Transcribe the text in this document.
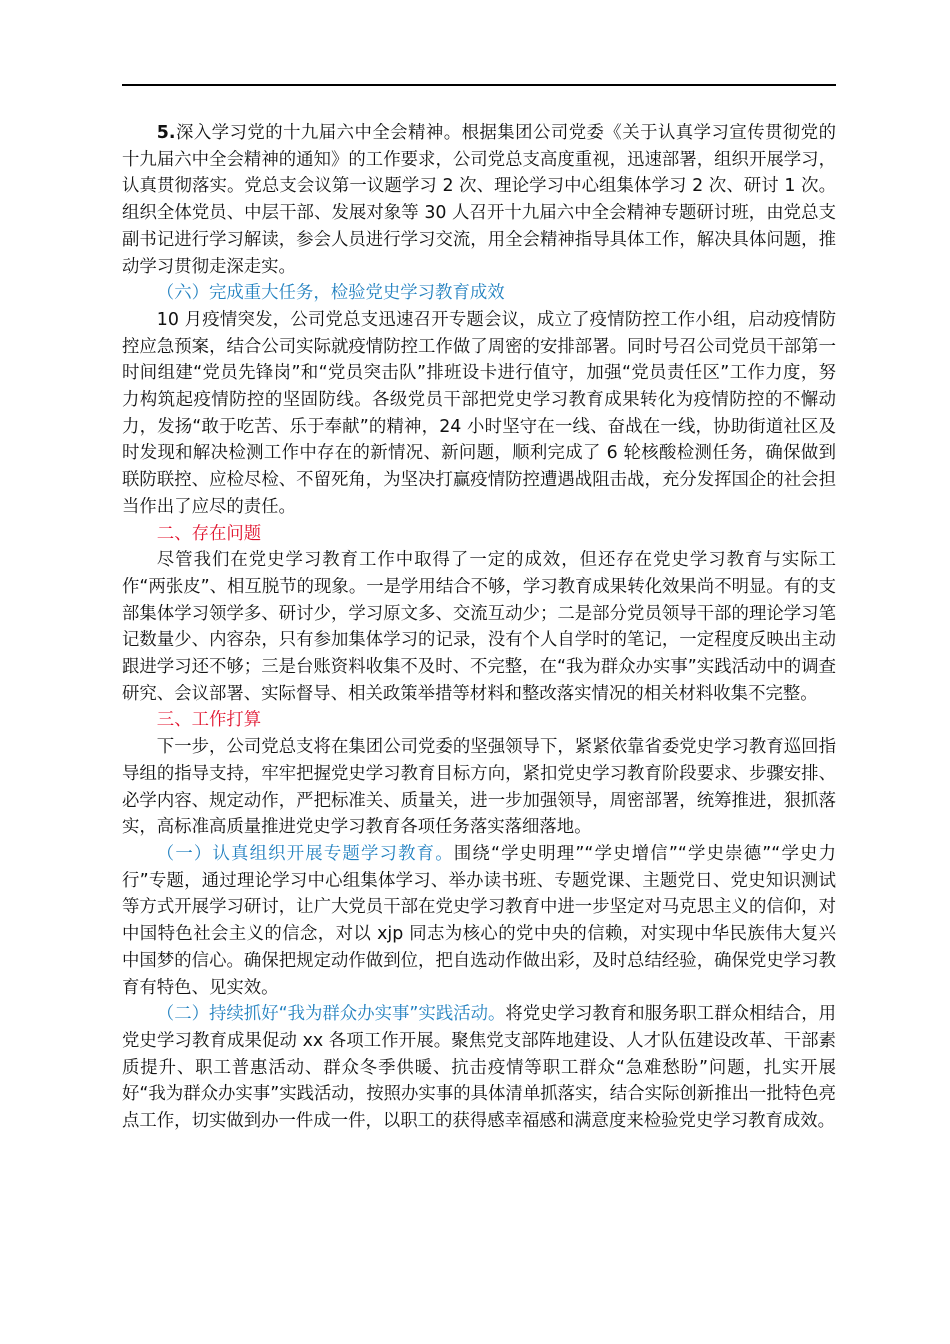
5.深入学习党的十九届六中全会精神。根据集团公司党委《关于认真学习宣传贯彻党的十九届六中全会精神的通知》的工作要求，公司党总支高度重视，迅速部署，组织开展学习，认真贯彻落实。党总支会议第一议题学习 2 次、理论学习中心组集体学习 2 次、研讨 1 次。组织全体党员、中层干部、发展对象等 30 人召开十九届六中全会精神专题研讨班，由党总支副书记进行学习解读，参会人员进行学习交流，用全会精神指导具体工作，解决具体问题，推动学习贯彻走深走实。

（六）完成重大任务，检验党史学习教育成效

10 月疫情突发，公司党总支迅速召开专题会议，成立了疫情防控工作小组，启动疫情防控应急预案，结合公司实际就疫情防控工作做了周密的安排部署。同时号召公司党员干部第一时间组建“党员先锋岗”和“党员突击队”排班设卡进行值守，加强“党员责任区”工作力度，努力构筑起疫情防控的坚固防线。各级党员干部把党史学习教育成果转化为疫情防控的不懈动力，发扬“敢于吃苦、乐于奉献”的精神，24 小时坚守在一线、奋战在一线，协助街道社区及时发现和解决检测工作中存在的新情况、新问题，顺利完成了 6 轮核酸检测任务，确保做到联防联控、应检尽检、不留死角，为坚决打赢疫情防控遭遇战阻击战，充分发挥国企的社会担当作出了应尽的责任。

二、存在问题

尽管我们在党史学习教育工作中取得了一定的成效，但还存在党史学习教育与实际工作“两张皮”、相互脱节的现象。一是学用结合不够，学习教育成果转化效果尚不明显。有的支部集体学习领学多、研讨少，学习原文多、交流互动少；二是部分党员领导干部的理论学习笔记数量少、内容杂，只有参加集体学习的记录，没有个人自学时的笔记，一定程度反映出主动跟进学习还不够；三是台账资料收集不及时、不完整，在“我为群众办实事”实践活动中的调查研究、会议部署、实际督导、相关政策举措等材料和整改落实情况的相关材料收集不完整。

三、工作打算

下一步，公司党总支将在集团公司党委的坚强领导下，紧紧依靠省委党史学习教育巡回指导组的指导支持，牢牢把握党史学习教育目标方向，紧扣党史学习教育阶段要求、步骤安排、必学内容、规定动作，严把标准关、质量关，进一步加强领导，周密部署，统筹推进，狠抓落实，高标准高质量推进党史学习教育各项任务落实落细落地。

（一）认真组织开展专题学习教育。围绕“学史明理”“学史增信”“学史崇德”“学史力行”专题，通过理论学习中心组集体学习、举办读书班、专题党课、主题党日、党史知识测试等方式开展学习研讨，让广大党员干部在党史学习教育中进一步坚定对马克思主义的信仰，对中国特色社会主义的信念，对以 xjp 同志为核心的党中央的信赖，对实现中华民族伟大复兴中国梦的信心。确保把规定动作做到位，把自选动作做出彩，及时总结经验，确保党史学习教育有特色、见实效。

（二）持续抓好“我为群众办实事”实践活动。将党史学习教育和服务职工群众相结合，用党史学习教育成果促动 xx 各项工作开展。聚焦党支部阵地建设、人才队伍建设改革、干部素质提升、职工普惠活动、群众冬季供暖、抗击疫情等职工群众“急难愁盼”问题，扎实开展好“我为群众办实事”实践活动，按照办实事的具体清单抓落实，结合实际创新推出一批特色亮点工作，切实做到办一件成一件，以职工的获得感幸福感和满意度来检验党史学习教育成效。
